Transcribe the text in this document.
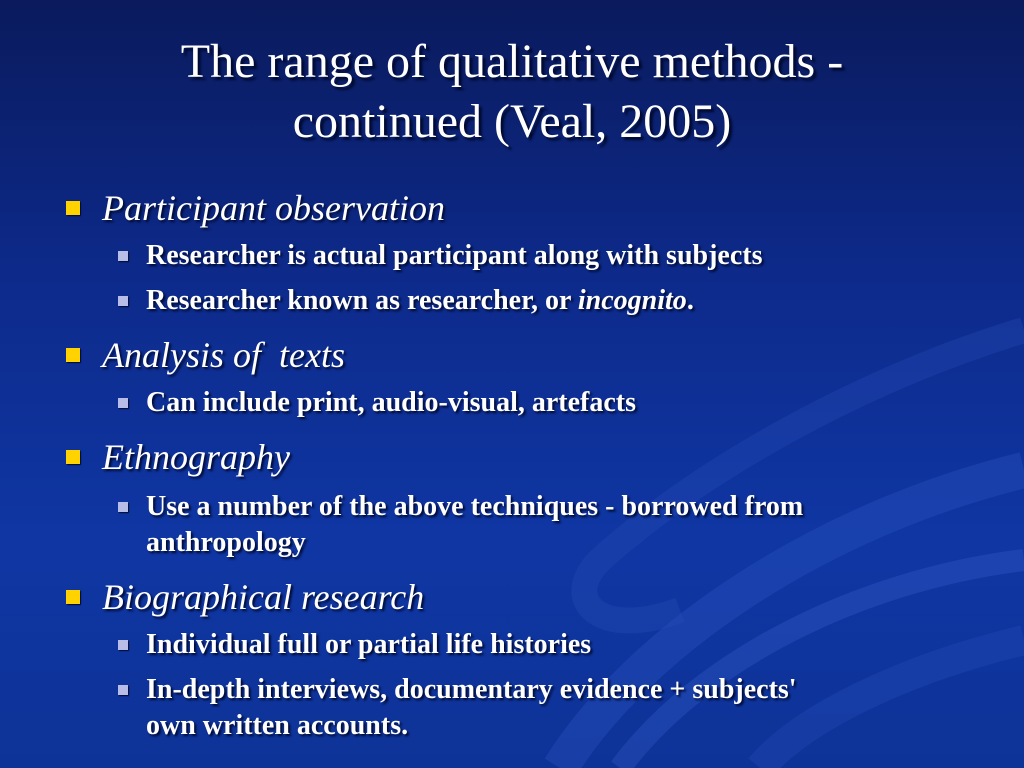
The range of qualitative methods -
continued (Veal, 2005)
Participant observation
Researcher is actual participant along with subjects
Researcher known as researcher, or incognito.
Analysis of  texts
Can include print, audio-visual, artefacts
Ethnography
Use a number of the above techniques - borrowed from
anthropology
Biographical research
Individual full or partial life histories
In-depth interviews, documentary evidence + subjects'
own written accounts.
